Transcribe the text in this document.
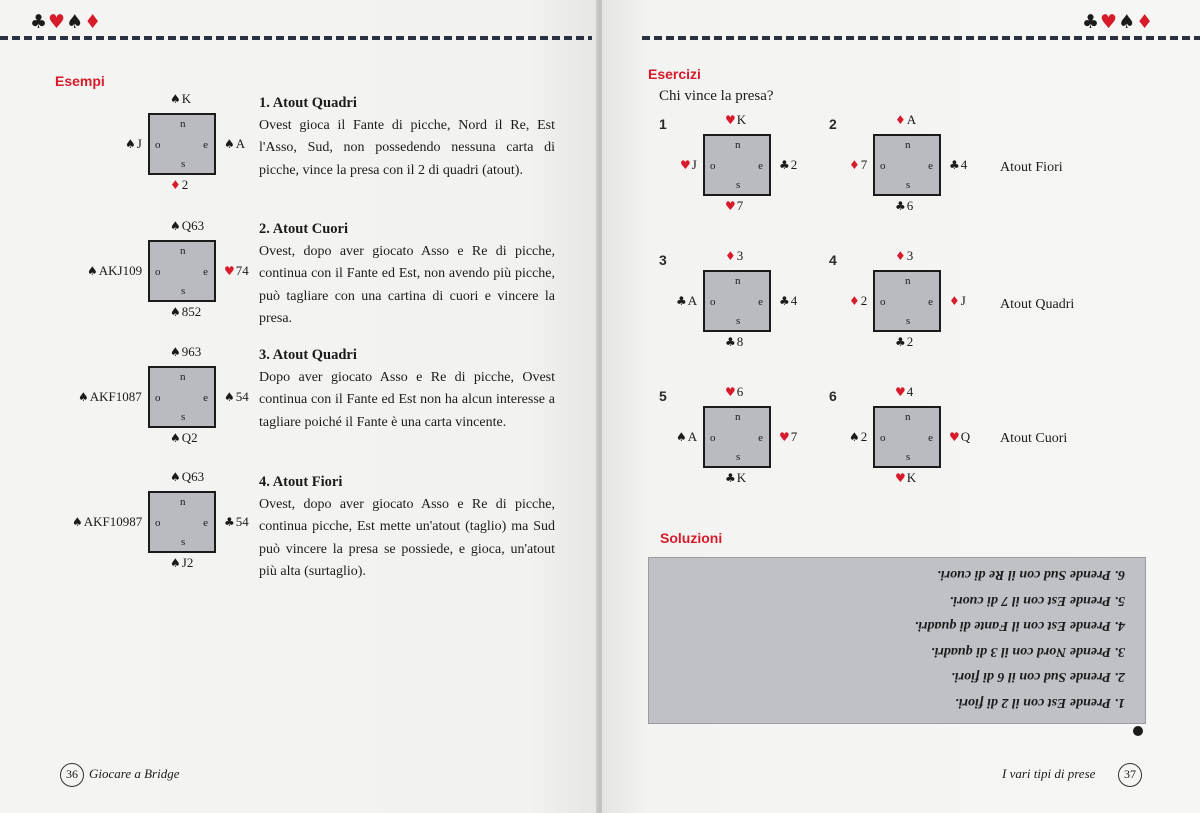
♣♥♠♦
Esempi
n
o	e
s
♠K
♦2
♠A
♠J
n
o	e
s
♠Q63
♠852
♥74
♠AKJ109
n
o	e
s
♠963
♠Q2
♠54
♠AKF1087
n
o	e
s
♠Q63
♠J2
♣54
♠AKF10987
1. Atout Quadri
Ovest gioca il Fante di picche, Nord il Re, Est l'Asso, Sud, non possedendo nessuna carta di picche, vince la presa con il 2 di quadri (atout).
2. Atout Cuori
Ovest, dopo aver giocato Asso e Re di picche, continua con il Fante ed Est, non avendo più picche, può tagliare con una cartina di cuori e vincere la presa.
3. Atout Quadri
Dopo aver giocato Asso e Re di picche, Ovest continua con il Fante ed Est non ha alcun interesse a tagliare poiché il Fante è una carta vincente.
4. Atout Fiori
Ovest, dopo aver giocato Asso e Re di picche, continua picche, Est mette un'atout (taglio) ma Sud può vincere la presa se possiede, e gioca, un'atout più alta (surtaglio).
36 Giocare a Bridge
♣♥♠♦
Esercizi
Chi vince la presa?
n
o	e
s
♥K
♥7
♣2
♥J
1
n
o	e
s
♦A
♣6
♣4
♦7
2
n
o	e
s
♦3
♣8
♣4
♣A
3
n
o	e
s
♦3
♣2
♦J
♦2
4
n
o	e
s
♥6
♣K
♥7
♠A
5
n
o	e
s
♥4
♥K
♥Q
♠2
6
Atout Fiori
Atout Quadri
Atout Cuori
Soluzioni
1. Prende Est con il 2 di fiori.
2. Prende Sud con il 6 di fiori.
3. Prende Nord con il 3 di quadri.
4. Prende Est con il Fante di quadri.
5. Prende Est con il 7 di cuori.
6. Prende Sud con il Re di cuori.
I vari tipi di prese	37
